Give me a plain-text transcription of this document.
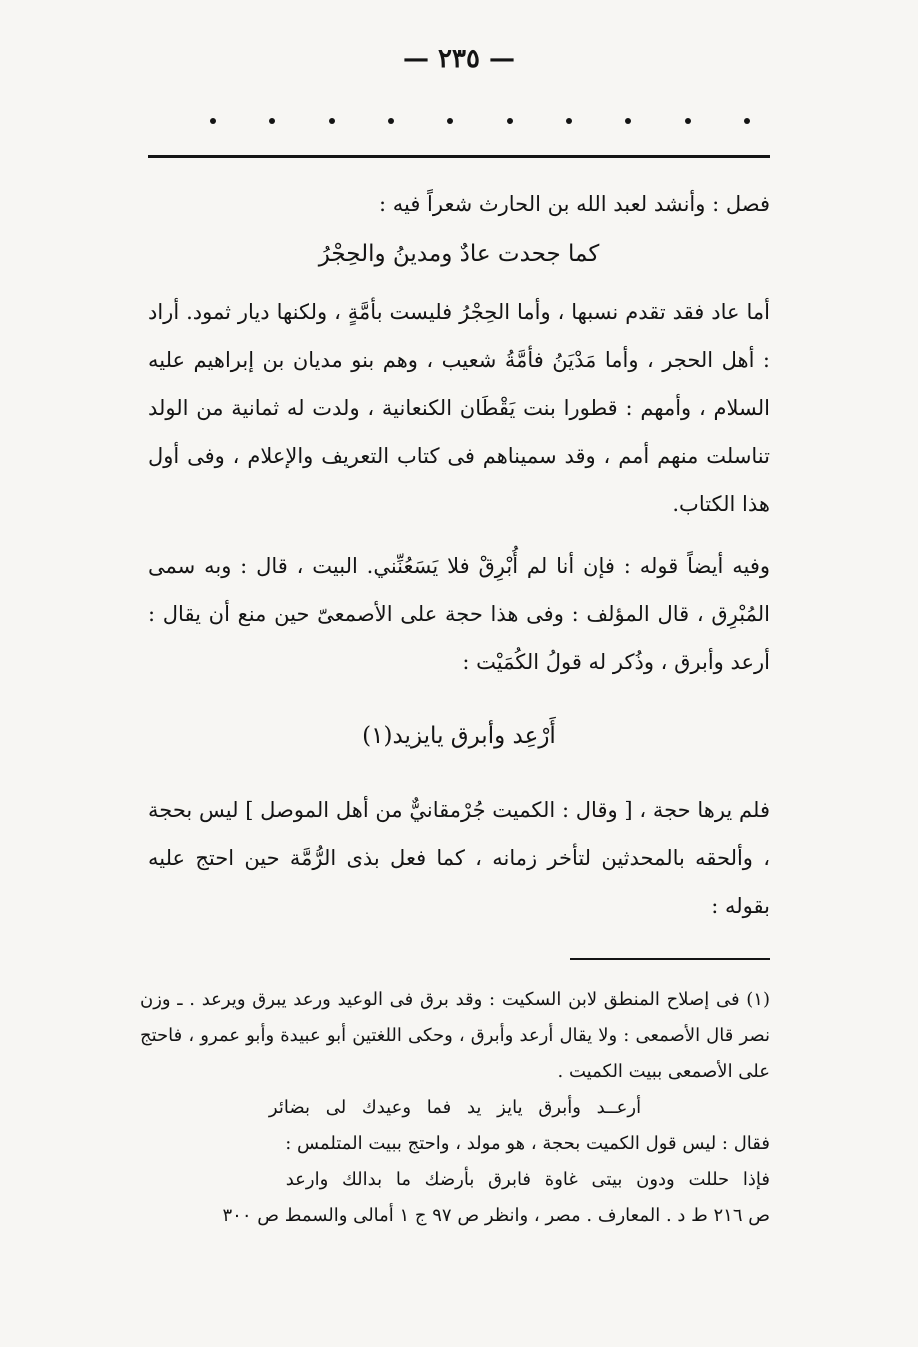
— ٢٣٥ —

فصل : وأنشد لعبد الله بن الحارث شعراً فيه :

كما جحدت عادٌ ومدينُ والحِجْرُ

أما عاد فقد تقدم نسبها ، وأما الحِجْرُ فليست بأمَّةٍ ، ولكنها ديار ثمود. أراد : أهل الحجر ، وأما مَدْيَنُ فأمَّةُ شعيب ، وهم بنو مديان بن إبراهيم عليه السلام ، وأمهم : قطورا بنت يَقْطَان الكنعانية ، ولدت له ثمانية من الولد تناسلت منهم أمم ، وقد سميناهم فى كتاب التعريف والإعلام ، وفى أول هذا الكتاب.

وفيه أيضاً قوله : فإن أنا لم أُبْرِقْ فلا يَسَعُنِّني. البيت ، قال : وبه سمى المُبْرِق ، قال المؤلف : وفى هذا حجة على الأصمعىّ حين منع أن يقال : أرعد وأبرق ، وذُكر له قولُ الكُمَيْت :

أَرْعِد وأبرق يايزيد(١)

فلم يرها حجة ، [ وقال : الكميت جُرْمقانيٌّ من أهل الموصل ] ليس بحجة ، وألحقه بالمحدثين لتأخر زمانه ، كما فعل بذى الرُّمَّة حين احتج عليه بقوله :

(١) فى إصلاح المنطق لابن السكيت : وقد برق فى الوعيد ورعد يبرق ويرعد . ـ وزن نصر قال الأصمعى : ولا يقال أرعد وأبرق ، وحكى اللغتين أبو عبيدة وأبو عمرو ، فاحتج على الأصمعى ببيت الكميت .

أرعــد وأبرق يايز يد فما وعيدك لى بضائر

فقال : ليس قول الكميت بحجة ، هو مولد ، واحتج ببيت المتلمس :

فإذا حللت ودون بيتى غاوة فابرق بأرضك ما بدالك وارعد

ص ٢١٦ ط د . المعارف . مصر ، وانظر ص ٩٧ ج ١ أمالى والسمط ص ٣٠٠
